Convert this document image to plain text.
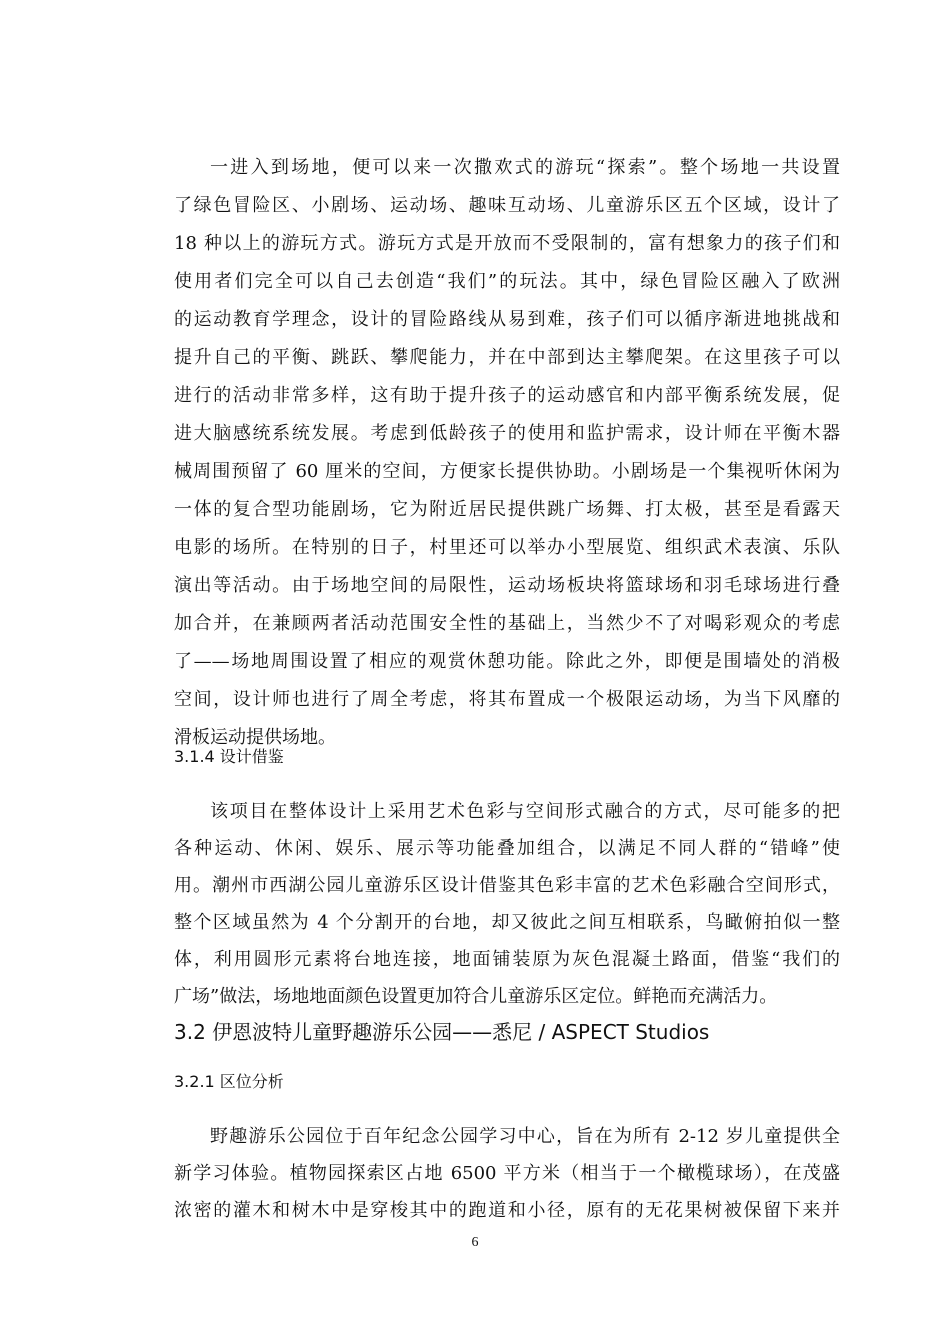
一进入到场地，便可以来一次撒欢式的游玩“探索”。整个场地一共设置
了绿色冒险区、小剧场、运动场、趣味互动场、儿童游乐区五个区域，设计了
18 种以上的游玩方式。游玩方式是开放而不受限制的，富有想象力的孩子们和
使用者们完全可以自己去创造“我们”的玩法。其中，绿色冒险区融入了欧洲
的运动教育学理念，设计的冒险路线从易到难，孩子们可以循序渐进地挑战和
提升自己的平衡、跳跃、攀爬能力，并在中部到达主攀爬架。在这里孩子可以
进行的活动非常多样，这有助于提升孩子的运动感官和内部平衡系统发展，促
进大脑感统系统发展。考虑到低龄孩子的使用和监护需求，设计师在平衡木器
械周围预留了 60 厘米的空间，方便家长提供协助。小剧场是一个集视听休闲为
一体的复合型功能剧场，它为附近居民提供跳广场舞、打太极，甚至是看露天
电影的场所。在特别的日子，村里还可以举办小型展览、组织武术表演、乐队
演出等活动。由于场地空间的局限性，运动场板块将篮球场和羽毛球场进行叠
加合并，在兼顾两者活动范围安全性的基础上，当然少不了对喝彩观众的考虑
了——场地周围设置了相应的观赏休憩功能。除此之外，即便是围墙处的消极
空间，设计师也进行了周全考虑，将其布置成一个极限运动场，为当下风靡的
滑板运动提供场地。
3.1.4 设计借鉴
该项目在整体设计上采用艺术色彩与空间形式融合的方式，尽可能多的把
各种运动、休闲、娱乐、展示等功能叠加组合，以满足不同人群的“错峰”使
用。潮州市西湖公园儿童游乐区设计借鉴其色彩丰富的艺术色彩融合空间形式，
整个区域虽然为 4 个分割开的台地，却又彼此之间互相联系，鸟瞰俯拍似一整
体，利用圆形元素将台地连接，地面铺装原为灰色混凝土路面，借鉴“我们的
广场”做法，场地地面颜色设置更加符合儿童游乐区定位。鲜艳而充满活力。
3.2 伊恩波特儿童野趣游乐公园——悉尼 / ASPECT Studios
3.2.1 区位分析
野趣游乐公园位于百年纪念公园学习中心，旨在为所有 2-12 岁儿童提供全
新学习体验。植物园探索区占地 6500 平方米（相当于一个橄榄球场），在茂盛
浓密的灌木和树木中是穿梭其中的跑道和小径，原有的无花果树被保留下来并
6
